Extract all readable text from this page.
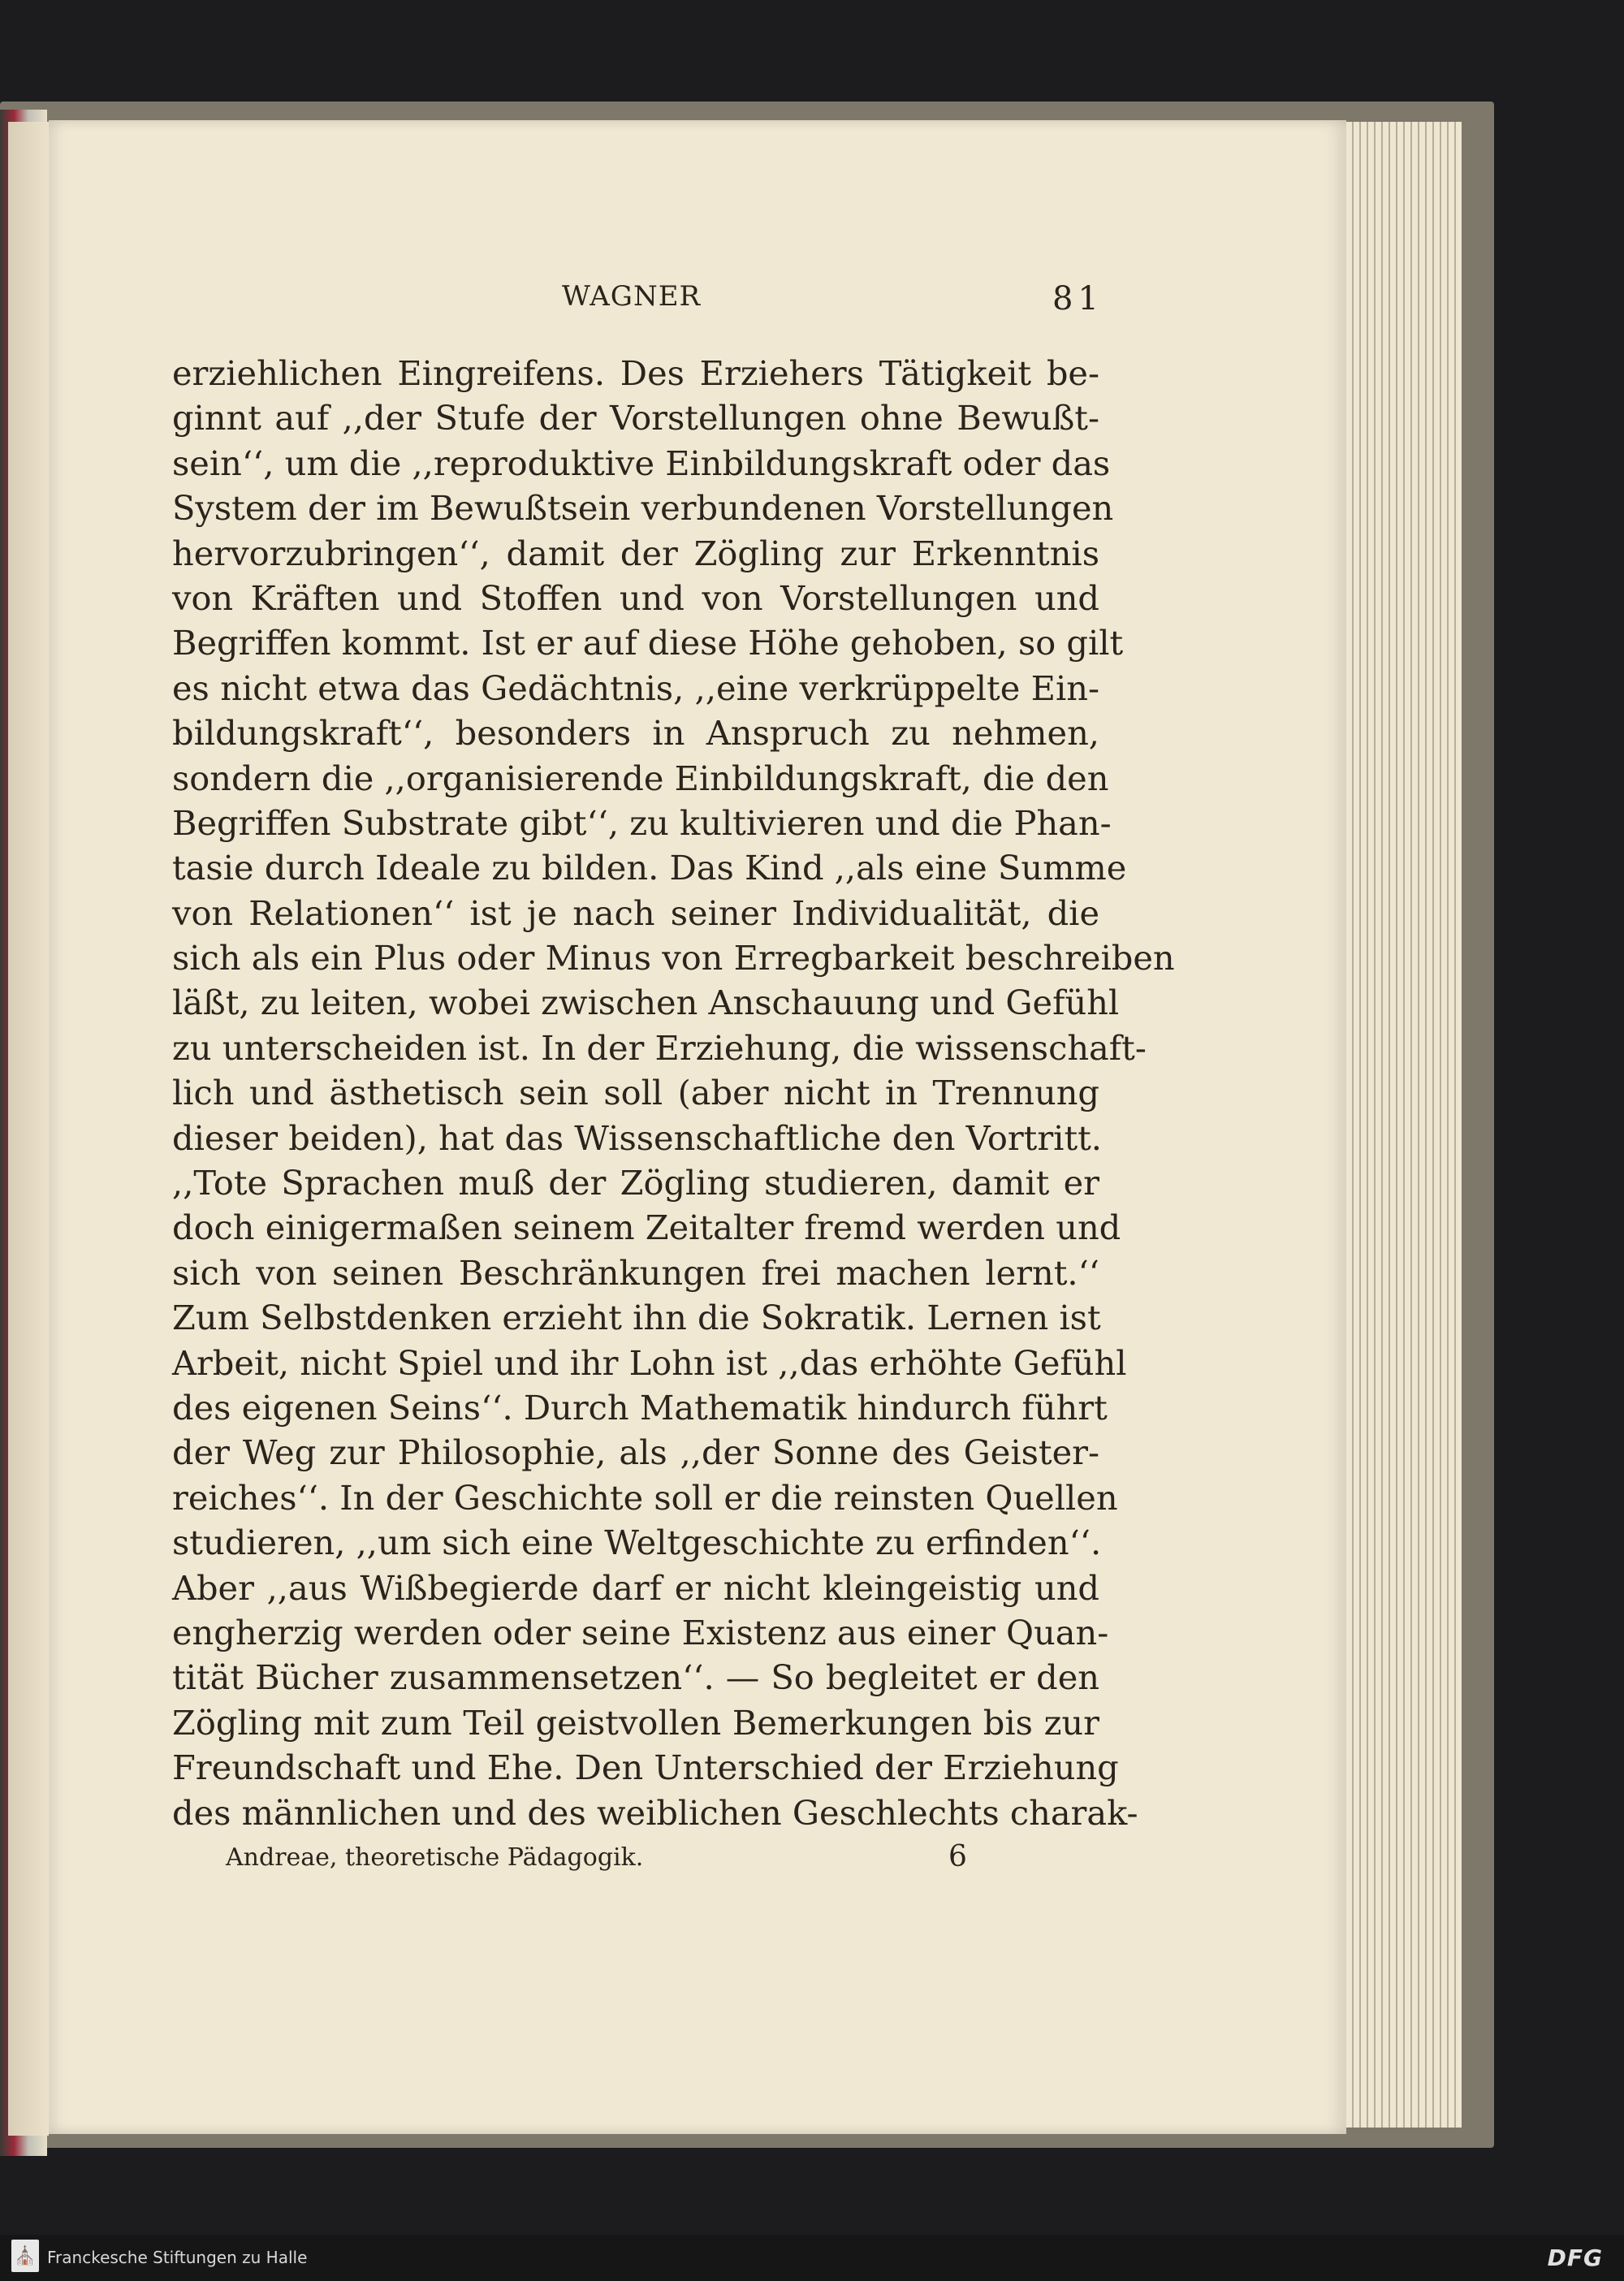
WAGNER	81
erziehlichen Eingreifens. Des Erziehers Tätigkeit be-
ginnt auf ,,der Stufe der Vorstellungen ohne Bewußt-
sein‘‘, um die ,,reproduktive Einbildungskraft oder das
System der im Bewußtsein verbundenen Vorstellungen
hervorzubringen‘‘, damit der Zögling zur Erkenntnis
von Kräften und Stoffen und von Vorstellungen und
Begriffen kommt. Ist er auf diese Höhe gehoben, so gilt
es nicht etwa das Gedächtnis, ,,eine verkrüppelte Ein-
bildungskraft‘‘, besonders in Anspruch zu nehmen,
sondern die ,,organisierende Einbildungskraft, die den
Begriffen Substrate gibt‘‘, zu kultivieren und die Phan-
tasie durch Ideale zu bilden. Das Kind ,,als eine Summe
von Relationen‘‘ ist je nach seiner Individualität, die
sich als ein Plus oder Minus von Erregbarkeit beschreiben
läßt, zu leiten, wobei zwischen Anschauung und Gefühl
zu unterscheiden ist. In der Erziehung, die wissenschaft-
lich und ästhetisch sein soll (aber nicht in Trennung
dieser beiden), hat das Wissenschaftliche den Vortritt.
,,Tote Sprachen muß der Zögling studieren, damit er
doch einigermaßen seinem Zeitalter fremd werden und
sich von seinen Beschränkungen frei machen lernt.‘‘
Zum Selbstdenken erzieht ihn die Sokratik. Lernen ist
Arbeit, nicht Spiel und ihr Lohn ist ,,das erhöhte Gefühl
des eigenen Seins‘‘. Durch Mathematik hindurch führt
der Weg zur Philosophie, als ,,der Sonne des Geister-
reiches‘‘. In der Geschichte soll er die reinsten Quellen
studieren, ,,um sich eine Weltgeschichte zu erfinden‘‘.
Aber ,,aus Wißbegierde darf er nicht kleingeistig und
engherzig werden oder seine Existenz aus einer Quan-
tität Bücher zusammensetzen‘‘. — So begleitet er den
Zögling mit zum Teil geistvollen Bemerkungen bis zur
Freundschaft und Ehe. Den Unterschied der Erziehung
des männlichen und des weiblichen Geschlechts charak-
Andreae, theoretische Pädagogik.	6
⛪ Franckesche Stiftungen zu Halle	DFG
